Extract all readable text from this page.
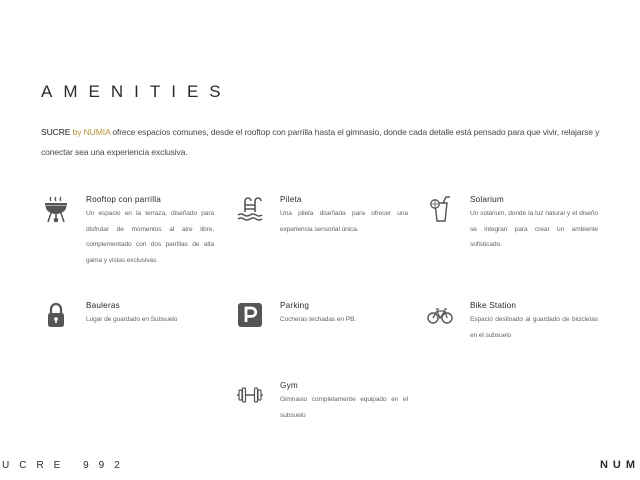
AMENITIES

SUCRE by NUMIA ofrece espacios comunes, desde el rooftop con parrilla hasta el gimnasio, donde cada detalle está pensado para que vivir, relajarse y conectar sea una experiencia exclusiva.

Rooftop con parrilla
Un espacio en la terraza, diseñado para disfrutar de momentos al aire libre, complementado con dos parrillas de alta gama y vistas exclusivas.
Pileta
Una pileta diseñada para ofrecer una experiencia sensorial única.
Solarium
Un solárium, donde la luz natural y el diseño se integran para crear un ambiente sofisticado.
Bauleras
Lugar de guardado en Subsuelo
Parking
Cocheras techadas en PB.
Bike Station
Espacio destinado al guardado de bicicletas en el subsuelo
Gym
Gimnasio completamente equipado en el subsuelo
UCRE 992	NUM
